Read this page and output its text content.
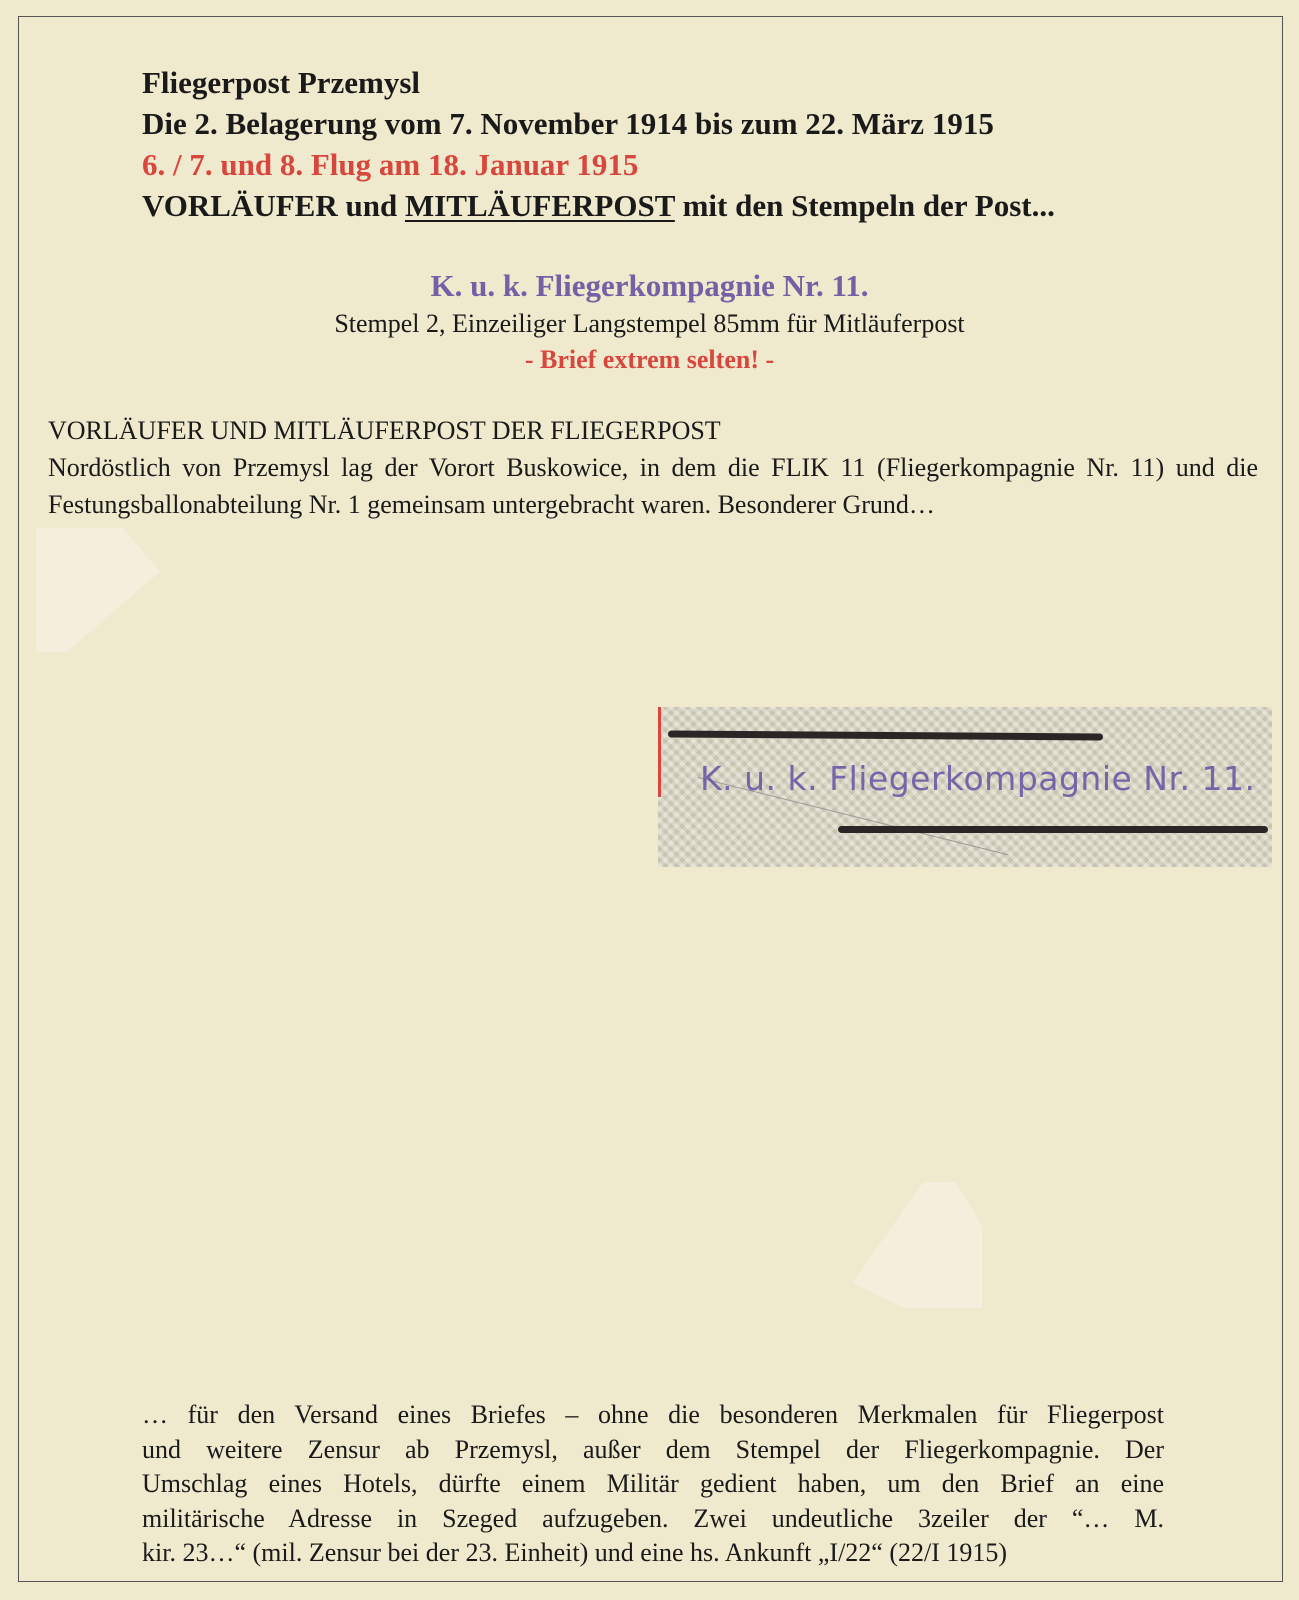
Fliegerpost Przemysl
Die 2. Belagerung vom 7. November 1914 bis zum 22. März 1915
6. / 7. und 8. Flug am 18. Januar 1915
VORLÄUFER und MITLÄUFERPOST mit den Stempeln der Post...
K. u. k. Fliegerkompagnie Nr. 11.
Stempel 2, Einzeiliger Langstempel 85mm für Mitläuferpost
- Brief extrem selten! -
VORLÄUFER UND MITLÄUFERPOST DER FLIEGERPOST
Nordöstlich von Przemysl lag der Vorort Buskowice, in dem die FLIK 11 (Fliegerkompagnie Nr. 11) und die Festungsballonabteilung Nr. 1 gemeinsam untergebracht waren. Besonderer Grund…
K. u. k. Fliegerkompagnie Nr. 11.
… für den Versand eines Briefes – ohne die besonderen Merkmalen für Fliegerpost
und weitere Zensur ab Przemysl, außer dem Stempel der Fliegerkompagnie. Der
Umschlag eines Hotels, dürfte einem Militär gedient haben, um den Brief an eine
militärische Adresse in Szeged aufzugeben. Zwei undeutliche 3zeiler der “… M.
kir. 23…“ (mil. Zensur bei der 23. Einheit) und eine hs. Ankunft „I/22“ (22/I 1915)
